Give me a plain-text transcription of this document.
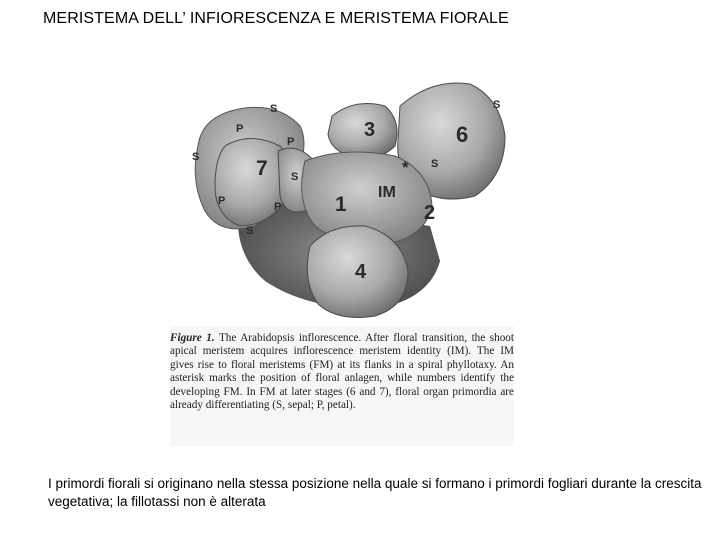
MERISTEMA DELL’ INFIORESCENZA E MERISTEMA FIORALE
S
P
P
S	7 S
P	P
S
3	6
S
* S
IM
1	2
4
Figure 1. The Arabidopsis inflorescence. After floral transition, the shoot apical meristem acquires inflorescence meristem identity (IM). The IM gives rise to floral meristems (FM) at its flanks in a spiral phyllotaxy. An asterisk marks the position of floral anlagen, while numbers identify the developing FM. In FM at later stages (6 and 7), floral organ primordia are already differentiating (S, sepal; P, petal).
I primordi fiorali si originano nella stessa posizione nella quale si formano i primordi fogliari durante la crescita vegetativa; la fillotassi non è alterata
